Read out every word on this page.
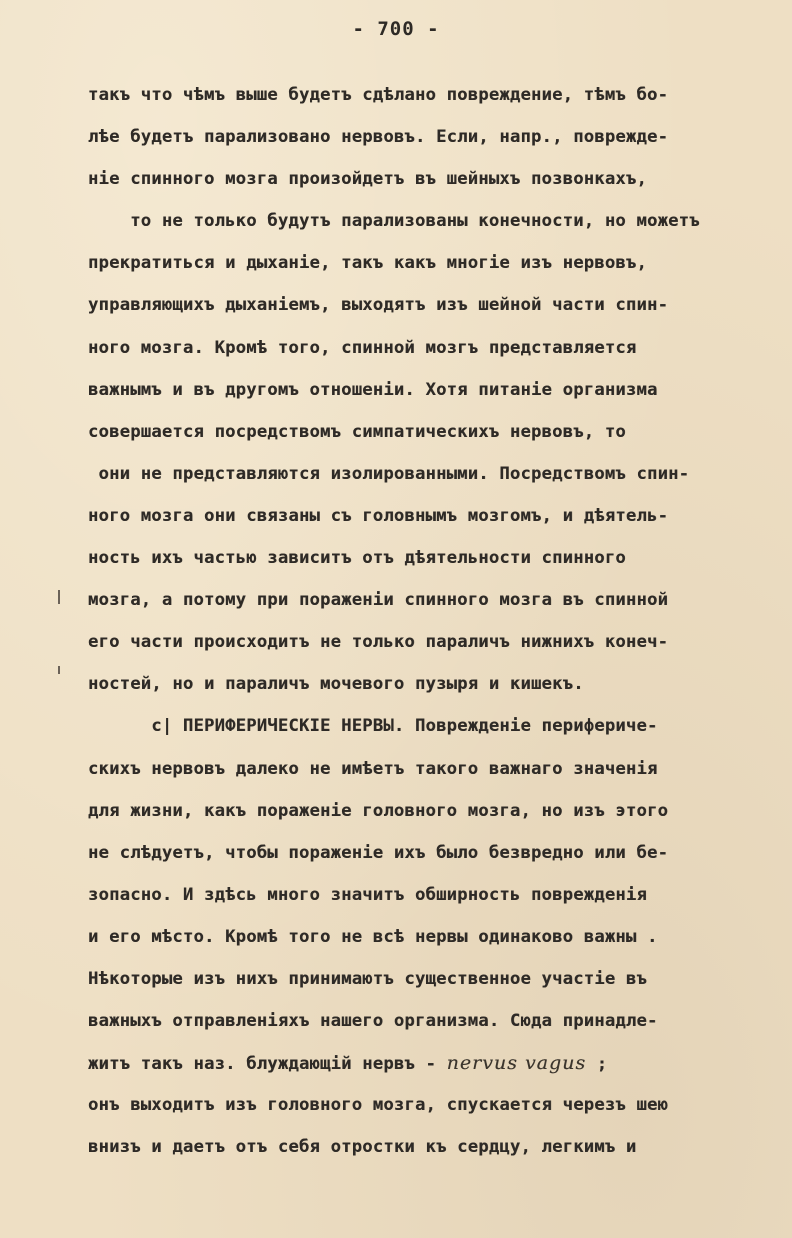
- 700 -
такъ что чѣмъ выше будетъ сдѣлано повреждение, тѣмъ бо-
лѣе будетъ парализовано нервовъ. Если, напр., поврежде-
ніе спинного мозга произойдетъ въ шейныхъ позвонкахъ,
то не только будутъ парализованы конечности, но можетъ
прекратиться и дыханіе, такъ какъ многіе изъ нервовъ,
управляющихъ дыханіемъ, выходятъ изъ шейной части спин-
ного мозга. Кромѣ того, спинной мозгъ представляется
важнымъ и въ другомъ отношеніи. Хотя питаніе организма
совершается посредствомъ симпатическихъ нервовъ, то
они не представляются изолированными. Посредствомъ спин-
ного мозга они связаны съ головнымъ мозгомъ, и дѣятель-
ность ихъ частью зависитъ отъ дѣятельности спинного
мозга, а потому при пораженіи спинного мозга въ спинной
его части происходитъ не только параличъ нижнихъ конеч-
ностей, но и параличъ мочевого пузыря и кишекъ.
с| ПЕРИФЕРИЧЕСКІЕ НЕРВЫ. Поврежденіе перифериче-
скихъ нервовъ далеко не имѣетъ такого важнаго значенія
для жизни, какъ пораженіе головного мозга, но изъ этого
не слѣдуетъ, чтобы пораженіе ихъ было безвредно или бе-
зопасно. И здѣсь много значитъ обширность поврежденія
и его мѣсто. Кромѣ того не всѣ нервы одинаково важны .
Нѣкоторые изъ нихъ принимаютъ существенное участіе въ
важныхъ отправленіяхъ нашего организма. Сюда принадле-
житъ такъ наз. блуждающій нервъ - nervus vagus ;
онъ выходитъ изъ головного мозга, спускается черезъ шею
внизъ и даетъ отъ себя отростки къ сердцу, легкимъ и
